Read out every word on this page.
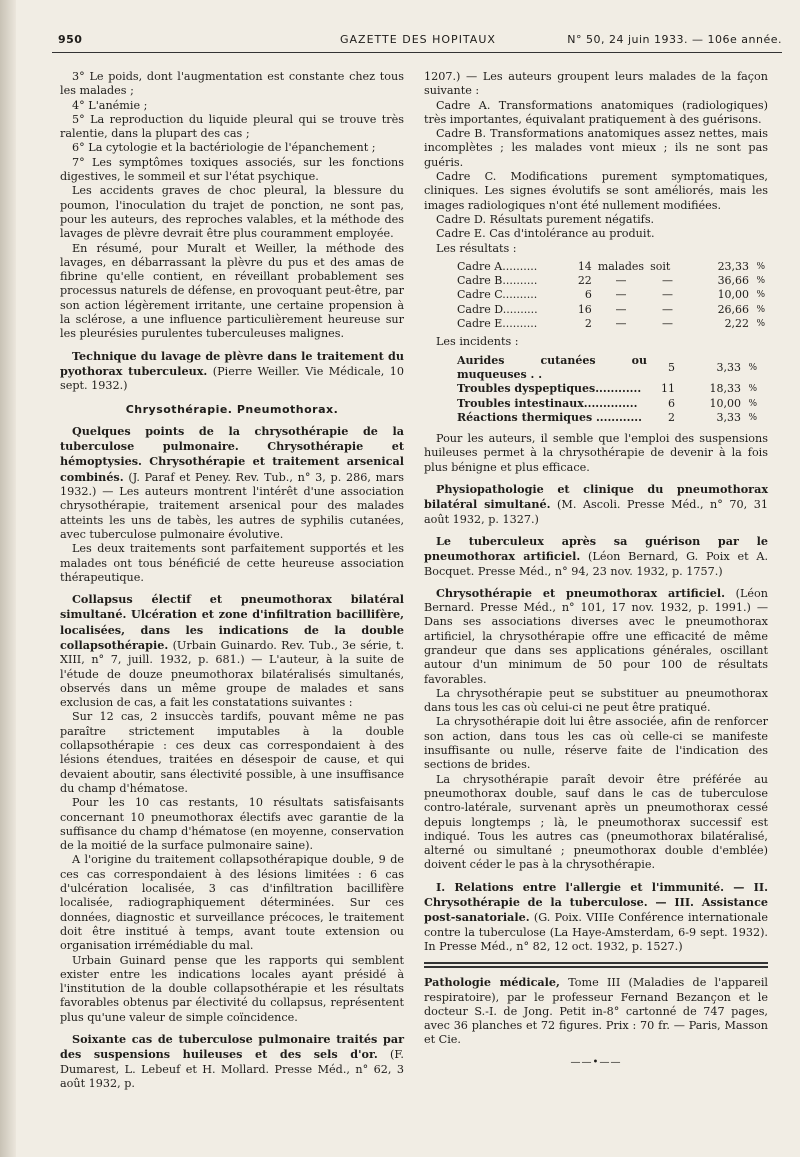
950	GAZETTE DES HOPITAUX	N° 50, 24 juin 1933. — 106e année.

3° Le poids, dont l'augmentation est constante chez tous les malades ;

4° L'anémie ;

5° La reproduction du liquide pleural qui se trouve très ralentie, dans la plupart des cas ;

6° La cytologie et la bactériologie de l'épanchement ;

7° Les symptômes toxiques associés, sur les fonctions digestives, le sommeil et sur l'état psychique.

Les accidents graves de choc pleural, la blessure du poumon, l'inoculation du trajet de ponction, ne sont pas, pour les auteurs, des reproches valables, et la méthode des lavages de plèvre devrait être plus couramment employée.

En résumé, pour Muralt et Weiller, la méthode des lavages, en débarrassant la plèvre du pus et des amas de fibrine qu'elle contient, en réveillant probablement ses processus naturels de défense, en provoquant peut-être, par son action légèrement irritante, une certaine propension à la sclérose, a une influence particulièrement heureuse sur les pleurésies purulentes tuberculeuses malignes.

Technique du lavage de plèvre dans le traitement du pyothorax tuberculeux. (Pierre Weiller. Vie Médicale, 10 sept. 1932.)

Chrysothérapie. Pneumothorax.

Quelques points de la chrysothérapie de la tuberculose pulmonaire. Chrysothérapie et hémoptysies. Chrysothérapie et traitement arsenical combinés. (J. Paraf et Peney. Rev. Tub., n° 3, p. 286, mars 1932.) — Les auteurs montrent l'intérêt d'une association chrysothérapie, traitement arsenical pour des malades atteints les uns de tabès, les autres de syphilis cutanées, avec tuberculose pulmonaire évolutive.

Les deux traitements sont parfaitement supportés et les malades ont tous bénéficié de cette heureuse association thérapeutique.

Collapsus électif et pneumothorax bilatéral simultané. Ulcération et zone d'infiltration bacillifère, localisées, dans les indications de la double collapsothérapie. (Urbain Guinardo. Rev. Tub., 3e série, t. XIII, n° 7, juill. 1932, p. 681.) — L'auteur, à la suite de l'étude de douze pneumothorax bilatéralisés simultanés, observés dans un même groupe de malades et sans exclusion de cas, a fait les constatations suivantes :

Sur 12 cas, 2 insuccès tardifs, pouvant même ne pas paraître strictement imputables à la double collapsothérapie : ces deux cas correspondaient à des lésions étendues, traitées en désespoir de cause, et qui devaient aboutir, sans électivité possible, à une insuffisance du champ d'hématose.

Pour les 10 cas restants, 10 résultats satisfaisants concernant 10 pneumothorax électifs avec garantie de la suffisance du champ d'hématose (en moyenne, conservation de la moitié de la surface pulmonaire saine).

A l'origine du traitement collapsothérapique double, 9 de ces cas correspondaient à des lésions limitées : 6 cas d'ulcération localisée, 3 cas d'infiltration bacillifère localisée, radiographiquement déterminées. Sur ces données, diagnostic et surveillance précoces, le traitement doit être institué à temps, avant toute extension ou organisation irrémédiable du mal.

Urbain Guinard pense que les rapports qui semblent exister entre les indications locales ayant présidé à l'institution de la double collapsothérapie et les résultats favorables obtenus par électivité du collapsus, représentent plus qu'une valeur de simple coïncidence.

Soixante cas de tuberculose pulmonaire traités par des suspensions huileuses et des sels d'or. (F. Dumarest, L. Lebeuf et H. Mollard. Presse Méd., n° 62, 3 août 1932, p.

1207.) — Les auteurs groupent leurs malades de la façon suivante :

Cadre A. Transformations anatomiques (radiologiques) très importantes, équivalant pratiquement à des guérisons.

Cadre B. Transformations anatomiques assez nettes, mais incomplètes ; les malades vont mieux ; ils ne sont pas guéris.

Cadre C. Modifications purement symptomatiques, cliniques. Les signes évolutifs se sont améliorés, mais les images radiologiques n'ont été nullement modifiées.

Cadre D. Résultats purement négatifs.

Cadre E. Cas d'intolérance au produit.

Les résultats :

Cadre A..........	14	malades	soit	23,33	%
Cadre B..........	22	—	—	36,66	%
Cadre C..........	6	—	—	10,00	%
Cadre D..........	16	—	—	26,66	%
Cadre E..........	2	—	—	2,22	%

Les incidents :

Aurides cutanées ou muqueuses . .	5	3,33	%
Troubles dyspeptiques............	11	18,33	%
Troubles intestinaux..............	6	10,00	%
Réactions thermiques ............	2	3,33	%

Pour les auteurs, il semble que l'emploi des suspensions huileuses permet à la chrysothérapie de devenir à la fois plus bénigne et plus efficace.

Physiopathologie et clinique du pneumothorax bilatéral simultané. (M. Ascoli. Presse Méd., n° 70, 31 août 1932, p. 1327.)

Le tuberculeux après sa guérison par le pneumothorax artificiel. (Léon Bernard, G. Poix et A. Bocquet. Presse Méd., n° 94, 23 nov. 1932, p. 1757.)

Chrysothérapie et pneumothorax artificiel. (Léon Bernard. Presse Méd., n° 101, 17 nov. 1932, p. 1991.) — Dans ses associations diverses avec le pneumothorax artificiel, la chrysothérapie offre une efficacité de même grandeur que dans ses applications générales, oscillant autour d'un minimum de 50 pour 100 de résultats favorables.

La chrysothérapie peut se substituer au pneumothorax dans tous les cas où celui-ci ne peut être pratiqué.

La chrysothérapie doit lui être associée, afin de renforcer son action, dans tous les cas où celle-ci se manifeste insuffisante ou nulle, réserve faite de l'indication des sections de brides.

La chrysothérapie paraît devoir être préférée au pneumothorax double, sauf dans le cas de tuberculose contro-latérale, survenant après un pneumothorax cessé depuis longtemps ; là, le pneumothorax successif est indiqué. Tous les autres cas (pneumothorax bilatéralisé, alterné ou simultané ; pneumothorax double d'emblée) doivent céder le pas à la chrysothérapie.

I. Relations entre l'allergie et l'immunité. — II. Chrysothérapie de la tuberculose. — III. Assistance post-sanatoriale. (G. Poix. VIIIe Conférence internationale contre la tuberculose (La Haye-Amsterdam, 6-9 sept. 1932). In Presse Méd., n° 82, 12 oct. 1932, p. 1527.)

Pathologie médicale, Tome III (Maladies de l'appareil respiratoire), par le professeur Fernand Bezançon et le docteur S.-I. de Jong. Petit in-8° cartonné de 747 pages, avec 36 planches et 72 figures. Prix : 70 fr. — Paris, Masson et Cie.

——•——
